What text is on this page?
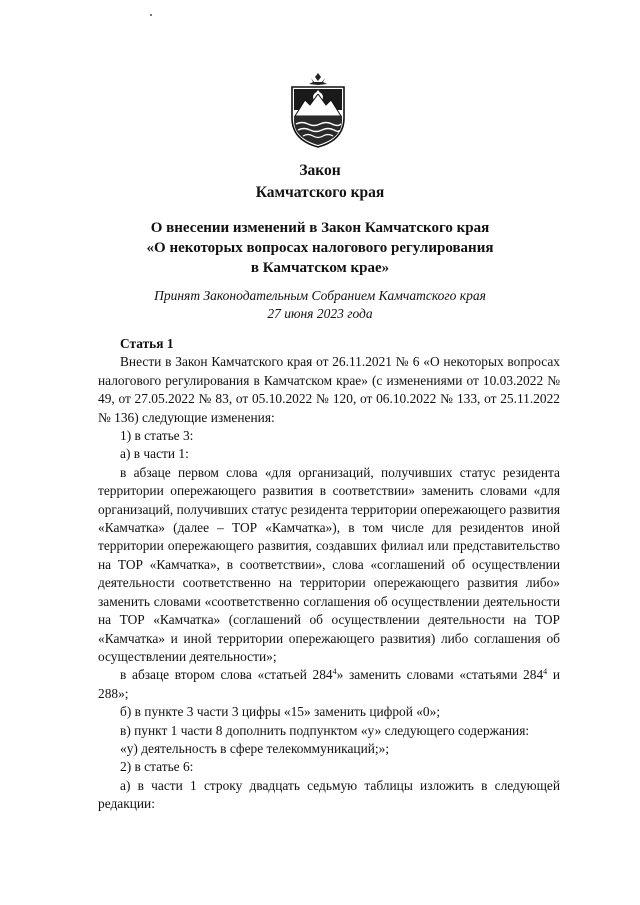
Закон
Камчатского края
О внесении изменений в Закон Камчатского края
«О некоторых вопросах налогового регулирования
в Камчатском крае»
Принят Законодательным Собранием Камчатского края
27 июня 2023 года

Статья 1

Внести в Закон Камчатского края от 26.11.2021 № 6 «О некоторых вопросах налогового регулирования в Камчатском крае» (с изменениями от 10.03.2022 № 49, от 27.05.2022 № 83, от 05.10.2022 № 120, от 06.10.2022 № 133, от 25.11.2022 № 136) следующие изменения:

1) в статье 3:

а) в части 1:

в абзаце первом слова «для организаций, получивших статус резидента территории опережающего развития в соответствии» заменить словами «для организаций, получивших статус резидента территории опережающего развития «Камчатка» (далее – ТОР «Камчатка»), в том числе для резидентов иной территории опережающего развития, создавших филиал или представительство на ТОР «Камчатка», в соответствии», слова «соглашений об осуществлении деятельности соответственно на территории опережающего развития либо» заменить словами «соответственно соглашения об осуществлении деятельности на ТОР «Камчатка» (соглашений об осуществлении деятельности на ТОР «Камчатка» и иной территории опережающего развития) либо соглашения об осуществлении деятельности»;

в абзаце втором слова «статьей $284^4$» заменить словами «статьями $284^4$ и 288»;

б) в пункте 3 части 3 цифры «15» заменить цифрой «0»;

в) пункт 1 части 8 дополнить подпунктом «у» следующего содержания:

«у) деятельность в сфере телекоммуникаций;»;

2) в статье 6:

а) в части 1 строку двадцать седьмую таблицы изложить в следующей редакции:
